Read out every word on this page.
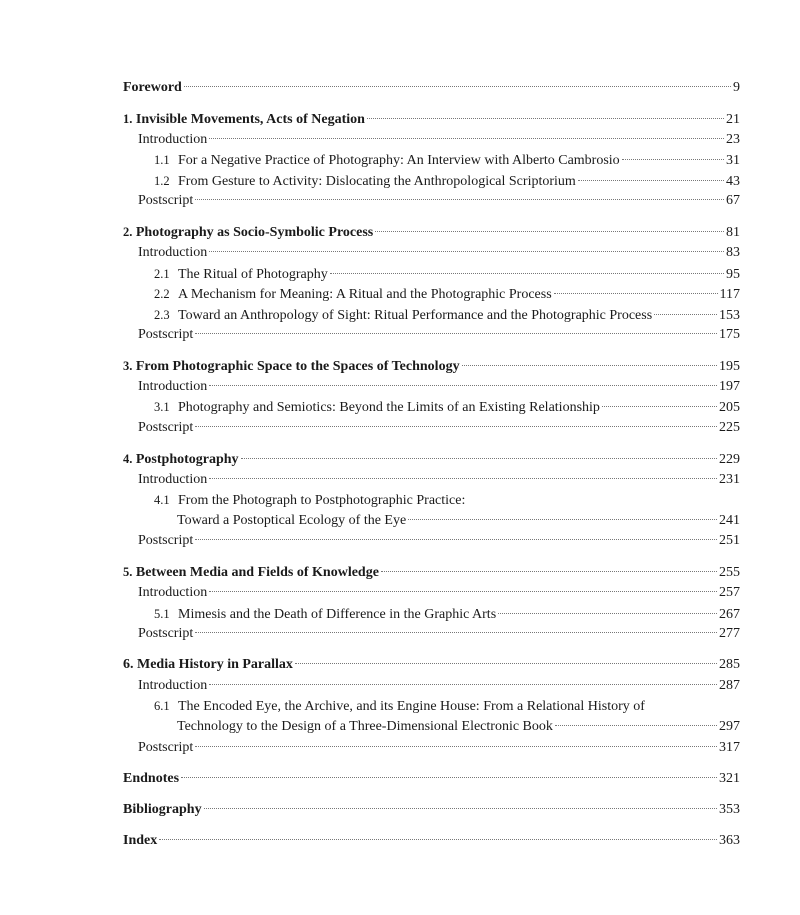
Foreword	9
1. Invisible Movements, Acts of Negation	21
Introduction	23
1.1 For a Negative Practice of Photography: An Interview with Alberto Cambrosio	31
1.2 From Gesture to Activity: Dislocating the Anthropological Scriptorium	43
Postscript	67
2. Photography as Socio-Symbolic Process	81
Introduction	83
2.1 The Ritual of Photography	95
2.2 A Mechanism for Meaning: A Ritual and the Photographic Process	117
2.3 Toward an Anthropology of Sight: Ritual Performance and the Photographic Process	153
Postscript	175
3. From Photographic Space to the Spaces of Technology	195
Introduction	197
3.1 Photography and Semiotics: Beyond the Limits of an Existing Relationship	205
Postscript	225
4. Postphotography	229
Introduction	231
4.1 From the Photograph to Postphotographic Practice:
Toward a Postoptical Ecology of the Eye	241
Postscript	251
5. Between Media and Fields of Knowledge	255
Introduction	257
5.1 Mimesis and the Death of Difference in the Graphic Arts	267
Postscript	277
6. Media History in Parallax	285
Introduction	287
6.1 The Encoded Eye, the Archive, and its Engine House: From a Relational History of
Technology to the Design of a Three-Dimensional Electronic Book	297
Postscript	317
Endnotes	321
Bibliography	353
Index	363
